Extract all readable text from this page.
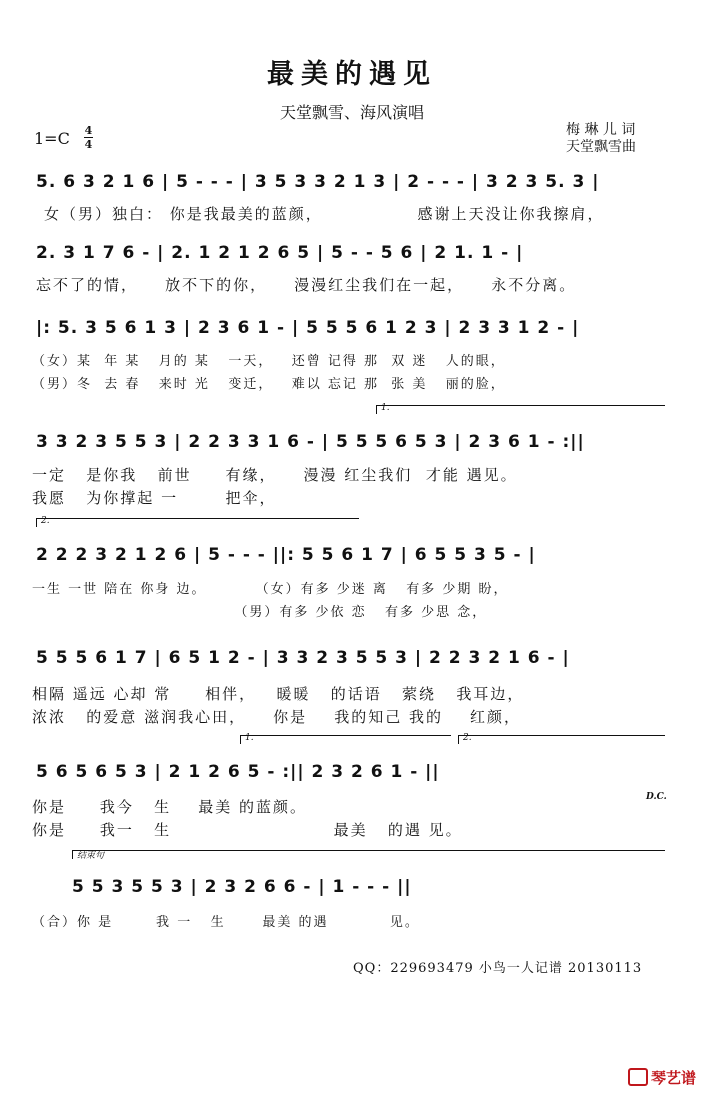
最美的遇见
天堂飘雪、海风演唱
1=C 4
4
梅 琳 儿 词
天堂飘雪曲
5. 6 3 2 1 6 | 5 - - - | 3 5 3 3 2 1 3 | 2 - - - | 3 2 3 5. 3 |
女（男）独白： 你是我最美的蓝颜，              感谢上天没让你我擦肩，
2. 3 1 7 6 - | 2. 1 2 1 2 6 5 | 5 - - 5 6 | 2 1. 1 - |
忘不了的情，    放不下的你，    漫漫红尘我们在一起，    永不分离。
|: 5. 3 5 6 1 3 | 2 3 6 1 - | 5 5 5 6 1 2 3 | 2 3 3 1 2 - |
（女）某  年 某   月的 某   一天，   还曾 记得 那  双 迷   人的眼，
（男）冬  去 春   来时 光   变迁，   难以 忘记 那  张 美   丽的脸，
1.
3 3 2 3 5 5 3 | 2 2 3 3 1 6 - | 5 5 5 6 5 3 | 2 3 6 1 - :||
一定   是你我   前世     有缘，    漫漫 红尘我们  才能 遇见。
我愿   为你撑起 一       把伞，
2.
2 2 2 3 2 1 2 6 | 5 - - - ||: 5 5 6 1 7 | 6 5 5 3 5 - |
一生 一世 陪在 你身 边。        （女）有多 少迷 离   有多 少期 盼，
（男）有多 少依 恋   有多 少思 念，
5 5 5 6 1 7 | 6 5 1 2 - | 3 3 2 3 5 5 3 | 2 2 3 2 1 6 - |
相隔 遥远 心却 常     相伴，   暖暖   的话语   萦绕   我耳边，
浓浓   的爱意 滋润我心田，    你是    我的知己 我的    红颜，
1.	2.
5 6 5 6 5 3 | 2 1 2 6 5 - :|| 2 3 2 6 1 - ||
D.C.
你是     我今   生    最美 的蓝颜。
你是     我一   生                        最美   的遇 见。
结束句
5 5 3 5 5 3 | 2 3 2 6 6 - | 1 - - - ||
（合）你 是       我 一   生      最美 的遇          见。
QQ：229693479 小鸟一人记谱 20130113
琴艺谱
